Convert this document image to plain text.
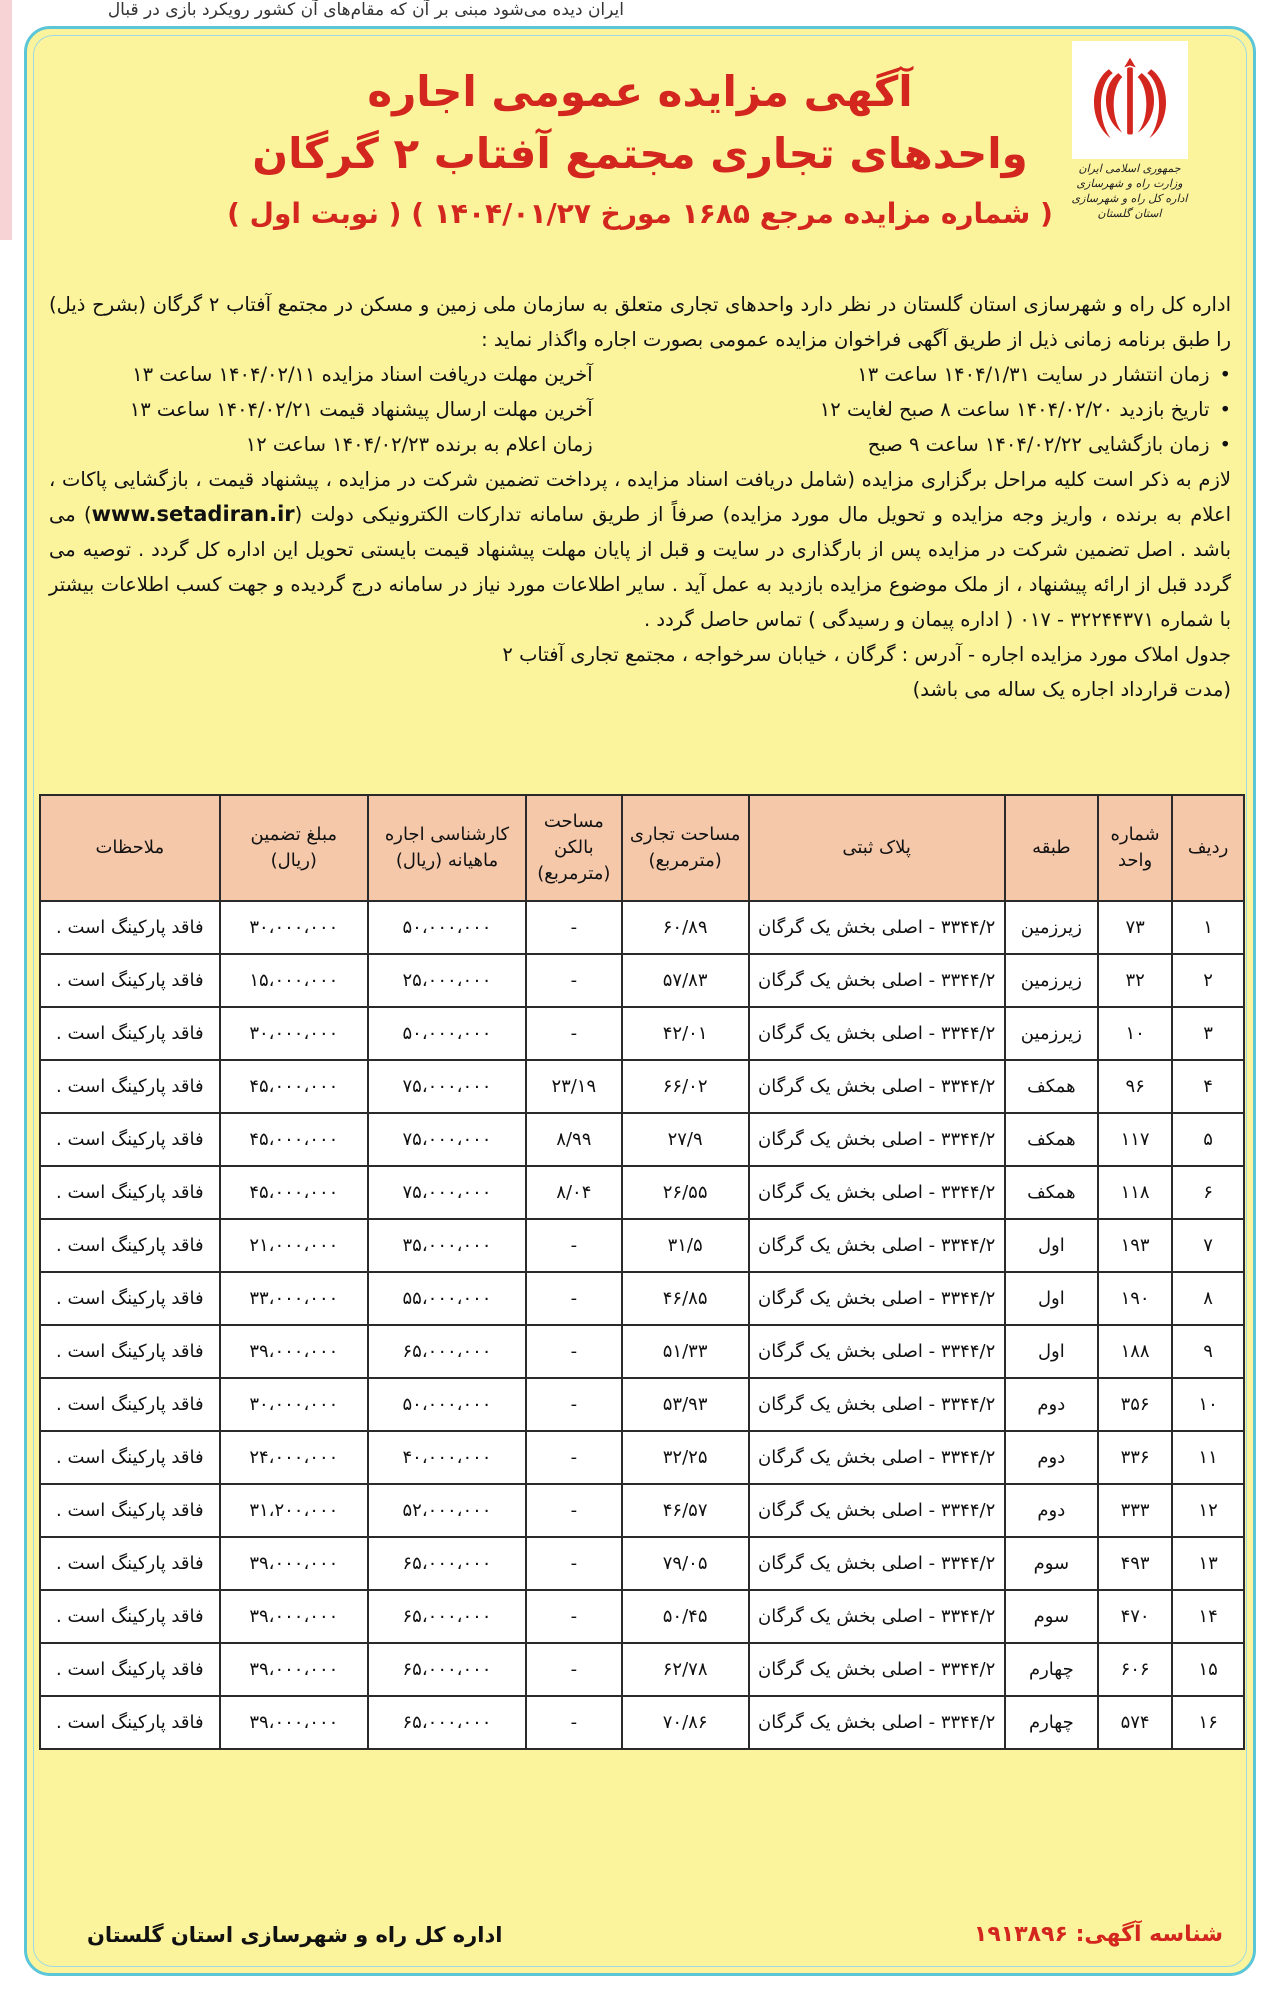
ایران دیده می‌شود مبنی بر آن که مقام‌های آن کشور رویکرد بازی در قبال
جمهوری اسلامی ایران
وزارت راه و شهرسازی
اداره کل راه و شهرسازی استان گلستان
آگهی مزایده عمومی اجاره
واحدهای تجاری مجتمع آفتاب ۲ گرگان
( شماره مزایده مرجع ۱۶۸۵ مورخ ۱۴۰۴/۰۱/۲۷ ) ( نوبت اول )

اداره کل راه و شهرسازی استان گلستان در نظر دارد واحدهای تجاری متعلق به سازمان ملی زمین و مسکن در مجتمع آفتاب ۲ گرگان (بشرح ذیل) را طبق برنامه زمانی ذیل از طریق آگهی فراخوان مزایده عمومی بصورت اجاره واگذار نماید :

• زمان انتشار در سایت ۱۴۰۴/۱/۳۱ ساعت ۱۳
آخرین مهلت دریافت اسناد مزایده ۱۴۰۴/۰۲/۱۱ ساعت ۱۳
• تاریخ بازدید ۱۴۰۴/۰۲/۲۰ ساعت ۸ صبح لغایت ۱۲
آخرین مهلت ارسال پیشنهاد قیمت ۱۴۰۴/۰۲/۲۱ ساعت ۱۳
• زمان بازگشایی ۱۴۰۴/۰۲/۲۲ ساعت ۹ صبح
زمان اعلام به برنده ۱۴۰۴/۰۲/۲۳ ساعت ۱۲

لازم به ذکر است کلیه مراحل برگزاری مزایده (شامل دریافت اسناد مزایده ، پرداخت تضمین شرکت در مزایده ، پیشنهاد قیمت ، بازگشایی پاکات ، اعلام به برنده ، واریز وجه مزایده و تحویل مال مورد مزایده) صرفاً از طریق سامانه تدارکات الکترونیکی دولت (www.setadiran.ir) می باشد . اصل تضمین شرکت در مزایده پس از بارگذاری در سایت و قبل از پایان مهلت پیشنهاد قیمت بایستی تحویل این اداره کل گردد . توصیه می گردد قبل از ارائه پیشنهاد ، از ملک موضوع مزایده بازدید به عمل آید . سایر اطلاعات مورد نیاز در سامانه درج گردیده و جهت کسب اطلاعات بیشتر با شماره ۳۲۲۴۴۳۷۱ - ۰۱۷ ( اداره پیمان و رسیدگی ) تماس حاصل گردد .

جدول املاک مورد مزایده اجاره - آدرس : گرگان ، خیابان سرخواجه ، مجتمع تجاری آفتاب ۲

(مدت قرارداد اجاره یک ساله می باشد)

ردیف	شماره واحد	طبقه	پلاک ثبتی	مساحت تجاری (مترمربع)	مساحت بالکن (مترمربع)	کارشناسی اجاره ماهیانه (ریال)	مبلغ تضمین (ریال)	ملاحظات
۱	۷۳	زیرزمین	۳۳۴۴/۲ - اصلی بخش یک گرگان	۶۰/۸۹	-	۵۰،۰۰۰،۰۰۰	۳۰،۰۰۰،۰۰۰	فاقد پارکینگ است .
۲	۳۲	زیرزمین	۳۳۴۴/۲ - اصلی بخش یک گرگان	۵۷/۸۳	-	۲۵،۰۰۰،۰۰۰	۱۵،۰۰۰،۰۰۰	فاقد پارکینگ است .
۳	۱۰	زیرزمین	۳۳۴۴/۲ - اصلی بخش یک گرگان	۴۲/۰۱	-	۵۰،۰۰۰،۰۰۰	۳۰،۰۰۰،۰۰۰	فاقد پارکینگ است .
۴	۹۶	همکف	۳۳۴۴/۲ - اصلی بخش یک گرگان	۶۶/۰۲	۲۳/۱۹	۷۵،۰۰۰،۰۰۰	۴۵،۰۰۰،۰۰۰	فاقد پارکینگ است .
۵	۱۱۷	همکف	۳۳۴۴/۲ - اصلی بخش یک گرگان	۲۷/۹	۸/۹۹	۷۵،۰۰۰،۰۰۰	۴۵،۰۰۰،۰۰۰	فاقد پارکینگ است .
۶	۱۱۸	همکف	۳۳۴۴/۲ - اصلی بخش یک گرگان	۲۶/۵۵	۸/۰۴	۷۵،۰۰۰،۰۰۰	۴۵،۰۰۰،۰۰۰	فاقد پارکینگ است .
۷	۱۹۳	اول	۳۳۴۴/۲ - اصلی بخش یک گرگان	۳۱/۵	-	۳۵،۰۰۰،۰۰۰	۲۱،۰۰۰،۰۰۰	فاقد پارکینگ است .
۸	۱۹۰	اول	۳۳۴۴/۲ - اصلی بخش یک گرگان	۴۶/۸۵	-	۵۵،۰۰۰،۰۰۰	۳۳،۰۰۰،۰۰۰	فاقد پارکینگ است .
۹	۱۸۸	اول	۳۳۴۴/۲ - اصلی بخش یک گرگان	۵۱/۳۳	-	۶۵،۰۰۰،۰۰۰	۳۹،۰۰۰،۰۰۰	فاقد پارکینگ است .
۱۰	۳۵۶	دوم	۳۳۴۴/۲ - اصلی بخش یک گرگان	۵۳/۹۳	-	۵۰،۰۰۰،۰۰۰	۳۰،۰۰۰،۰۰۰	فاقد پارکینگ است .
۱۱	۳۳۶	دوم	۳۳۴۴/۲ - اصلی بخش یک گرگان	۳۲/۲۵	-	۴۰،۰۰۰،۰۰۰	۲۴،۰۰۰،۰۰۰	فاقد پارکینگ است .
۱۲	۳۳۳	دوم	۳۳۴۴/۲ - اصلی بخش یک گرگان	۴۶/۵۷	-	۵۲،۰۰۰،۰۰۰	۳۱،۲۰۰،۰۰۰	فاقد پارکینگ است .
۱۳	۴۹۳	سوم	۳۳۴۴/۲ - اصلی بخش یک گرگان	۷۹/۰۵	-	۶۵،۰۰۰،۰۰۰	۳۹،۰۰۰،۰۰۰	فاقد پارکینگ است .
۱۴	۴۷۰	سوم	۳۳۴۴/۲ - اصلی بخش یک گرگان	۵۰/۴۵	-	۶۵،۰۰۰،۰۰۰	۳۹،۰۰۰،۰۰۰	فاقد پارکینگ است .
۱۵	۶۰۶	چهارم	۳۳۴۴/۲ - اصلی بخش یک گرگان	۶۲/۷۸	-	۶۵،۰۰۰،۰۰۰	۳۹،۰۰۰،۰۰۰	فاقد پارکینگ است .
۱۶	۵۷۴	چهارم	۳۳۴۴/۲ - اصلی بخش یک گرگان	۷۰/۸۶	-	۶۵،۰۰۰،۰۰۰	۳۹،۰۰۰،۰۰۰	فاقد پارکینگ است .
شناسه آگهی: ۱۹۱۳۸۹۶
اداره کل راه و شهرسازی استان گلستان
